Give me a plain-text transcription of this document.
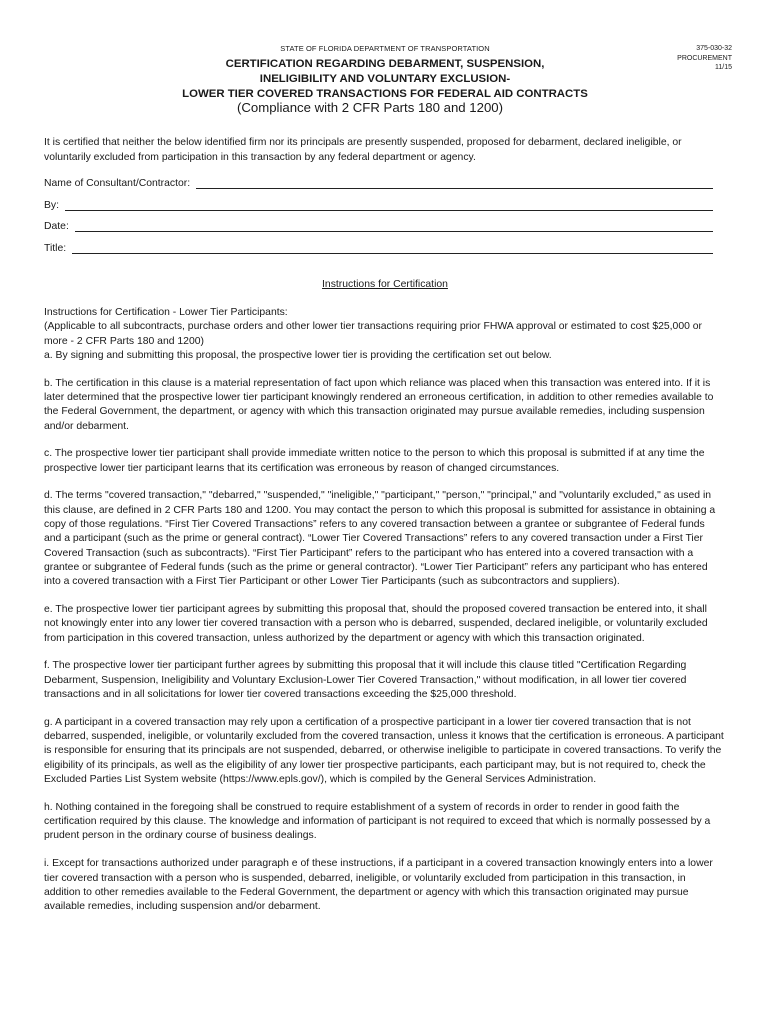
STATE OF FLORIDA DEPARTMENT OF TRANSPORTATION	375-030-32
PROCUREMENT
11/15
CERTIFICATION REGARDING DEBARMENT, SUSPENSION,
INELIGIBILITY AND VOLUNTARY EXCLUSION-
LOWER TIER COVERED TRANSACTIONS FOR FEDERAL AID CONTRACTS
(Compliance with 2 CFR Parts 180 and 1200)
It is certified that neither the below identified firm nor its principals are presently suspended, proposed for debarment, declared ineligible, or voluntarily excluded from participation in this transaction by any federal department or agency.
Name of Consultant/Contractor:
By:
Date:
Title:
Instructions for Certification

Instructions for Certification - Lower Tier Participants:

(Applicable to all subcontracts, purchase orders and other lower tier transactions requiring prior FHWA approval or estimated to cost $25,000 or more - 2 CFR Parts 180 and 1200)

a. By signing and submitting this proposal, the prospective lower tier is providing the certification set out below.

b. The certification in this clause is a material representation of fact upon which reliance was placed when this transaction was entered into. If it is later determined that the prospective lower tier participant knowingly rendered an erroneous certification, in addition to other remedies available to the Federal Government, the department, or agency with which this transaction originated may pursue available remedies, including suspension and/or debarment.

c. The prospective lower tier participant shall provide immediate written notice to the person to which this proposal is submitted if at any time the prospective lower tier participant learns that its certification was erroneous by reason of changed circumstances.

d. The terms "covered transaction," "debarred," "suspended," "ineligible," "participant," "person," "principal," and "voluntarily excluded," as used in this clause, are defined in 2 CFR Parts 180 and 1200. You may contact the person to which this proposal is submitted for assistance in obtaining a copy of those regulations. “First Tier Covered Transactions” refers to any covered transaction between a grantee or subgrantee of Federal funds and a participant (such as the prime or general contract). “Lower Tier Covered Transactions” refers to any covered transaction under a First Tier Covered Transaction (such as subcontracts). “First Tier Participant” refers to the participant who has entered into a covered transaction with a grantee or subgrantee of Federal funds (such as the prime or general contractor). “Lower Tier Participant” refers any participant who has entered into a covered transaction with a First Tier Participant or other Lower Tier Participants (such as subcontractors and suppliers).

e. The prospective lower tier participant agrees by submitting this proposal that, should the proposed covered transaction be entered into, it shall not knowingly enter into any lower tier covered transaction with a person who is debarred, suspended, declared ineligible, or voluntarily excluded from participation in this covered transaction, unless authorized by the department or agency with which this transaction originated.

f. The prospective lower tier participant further agrees by submitting this proposal that it will include this clause titled "Certification Regarding Debarment, Suspension, Ineligibility and Voluntary Exclusion-Lower Tier Covered Transaction," without modification, in all lower tier covered transactions and in all solicitations for lower tier covered transactions exceeding the $25,000 threshold.

g. A participant in a covered transaction may rely upon a certification of a prospective participant in a lower tier covered transaction that is not debarred, suspended, ineligible, or voluntarily excluded from the covered transaction, unless it knows that the certification is erroneous. A participant is responsible for ensuring that its principals are not suspended, debarred, or otherwise ineligible to participate in covered transactions. To verify the eligibility of its principals, as well as the eligibility of any lower tier prospective participants, each participant may, but is not required to, check the Excluded Parties List System website (https://www.epls.gov/), which is compiled by the General Services Administration.

h. Nothing contained in the foregoing shall be construed to require establishment of a system of records in order to render in good faith the certification required by this clause. The knowledge and information of participant is not required to exceed that which is normally possessed by a prudent person in the ordinary course of business dealings.

i. Except for transactions authorized under paragraph e of these instructions, if a participant in a covered transaction knowingly enters into a lower tier covered transaction with a person who is suspended, debarred, ineligible, or voluntarily excluded from participation in this transaction, in addition to other remedies available to the Federal Government, the department or agency with which this transaction originated may pursue available remedies, including suspension and/or debarment.
